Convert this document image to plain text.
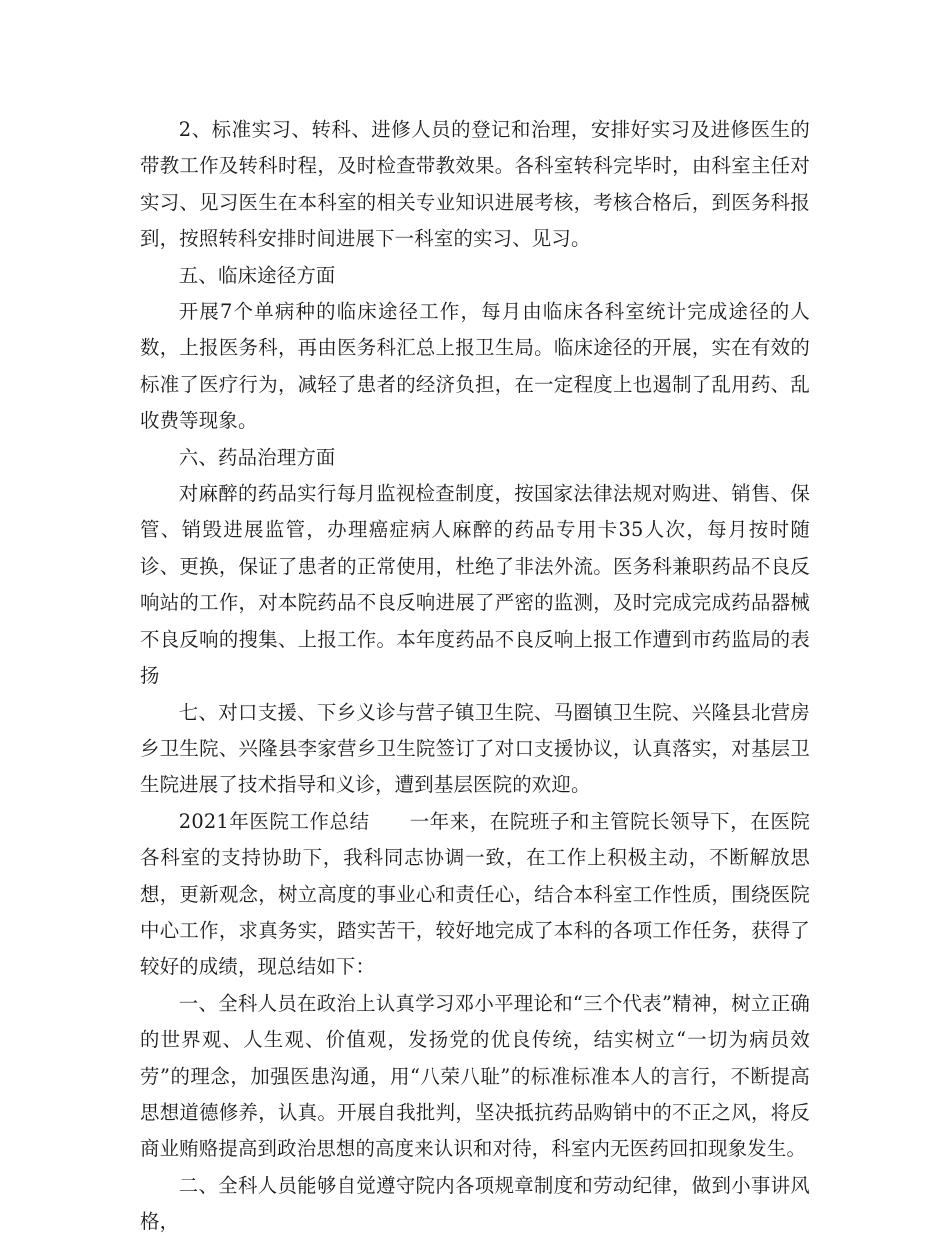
2、标准实习、转科、进修人员的登记和治理，安排好实习及进修医生的带教工作及转科时程，及时检查带教效果。各科室转科完毕时，由科室主任对实习、见习医生在本科室的相关专业知识进展考核，考核合格后，到医务科报到，按照转科安排时间进展下一科室的实习、见习。

五、临床途径方面

开展7个单病种的临床途径工作，每月由临床各科室统计完成途径的人数，上报医务科，再由医务科汇总上报卫生局。临床途径的开展，实在有效的标准了医疗行为，减轻了患者的经济负担，在一定程度上也遏制了乱用药、乱收费等现象。

六、药品治理方面

对麻醉的药品实行每月监视检查制度，按国家法律法规对购进、销售、保管、销毁进展监管，办理癌症病人麻醉的药品专用卡35人次，每月按时随诊、更换，保证了患者的正常使用，杜绝了非法外流。医务科兼职药品不良反响站的工作，对本院药品不良反响进展了严密的监测，及时完成完成药品器械不良反响的搜集、上报工作。本年度药品不良反响上报工作遭到市药监局的表扬

七、对口支援、下乡义诊与营子镇卫生院、马圈镇卫生院、兴隆县北营房乡卫生院、兴隆县李家营乡卫生院签订了对口支援协议，认真落实，对基层卫生院进展了技术指导和义诊，遭到基层医院的欢迎。

2021年医院工作总结　　一年来，在院班子和主管院长领导下，在医院各科室的支持协助下，我科同志协调一致，在工作上积极主动，不断解放思想，更新观念，树立高度的事业心和责任心，结合本科室工作性质，围绕医院中心工作，求真务实，踏实苦干，较好地完成了本科的各项工作任务，获得了较好的成绩，现总结如下：

一、全科人员在政治上认真学习邓小平理论和“三个代表”精神，树立正确的世界观、人生观、价值观，发扬党的优良传统，结实树立“一切为病员效劳”的理念，加强医患沟通，用“八荣八耻”的标准标准本人的言行，不断提高思想道德修养，认真。开展自我批判，坚决抵抗药品购销中的不正之风，将反商业贿赂提高到政治思想的高度来认识和对待，科室内无医药回扣现象发生。

二、全科人员能够自觉遵守院内各项规章制度和劳动纪律，做到小事讲风格，
